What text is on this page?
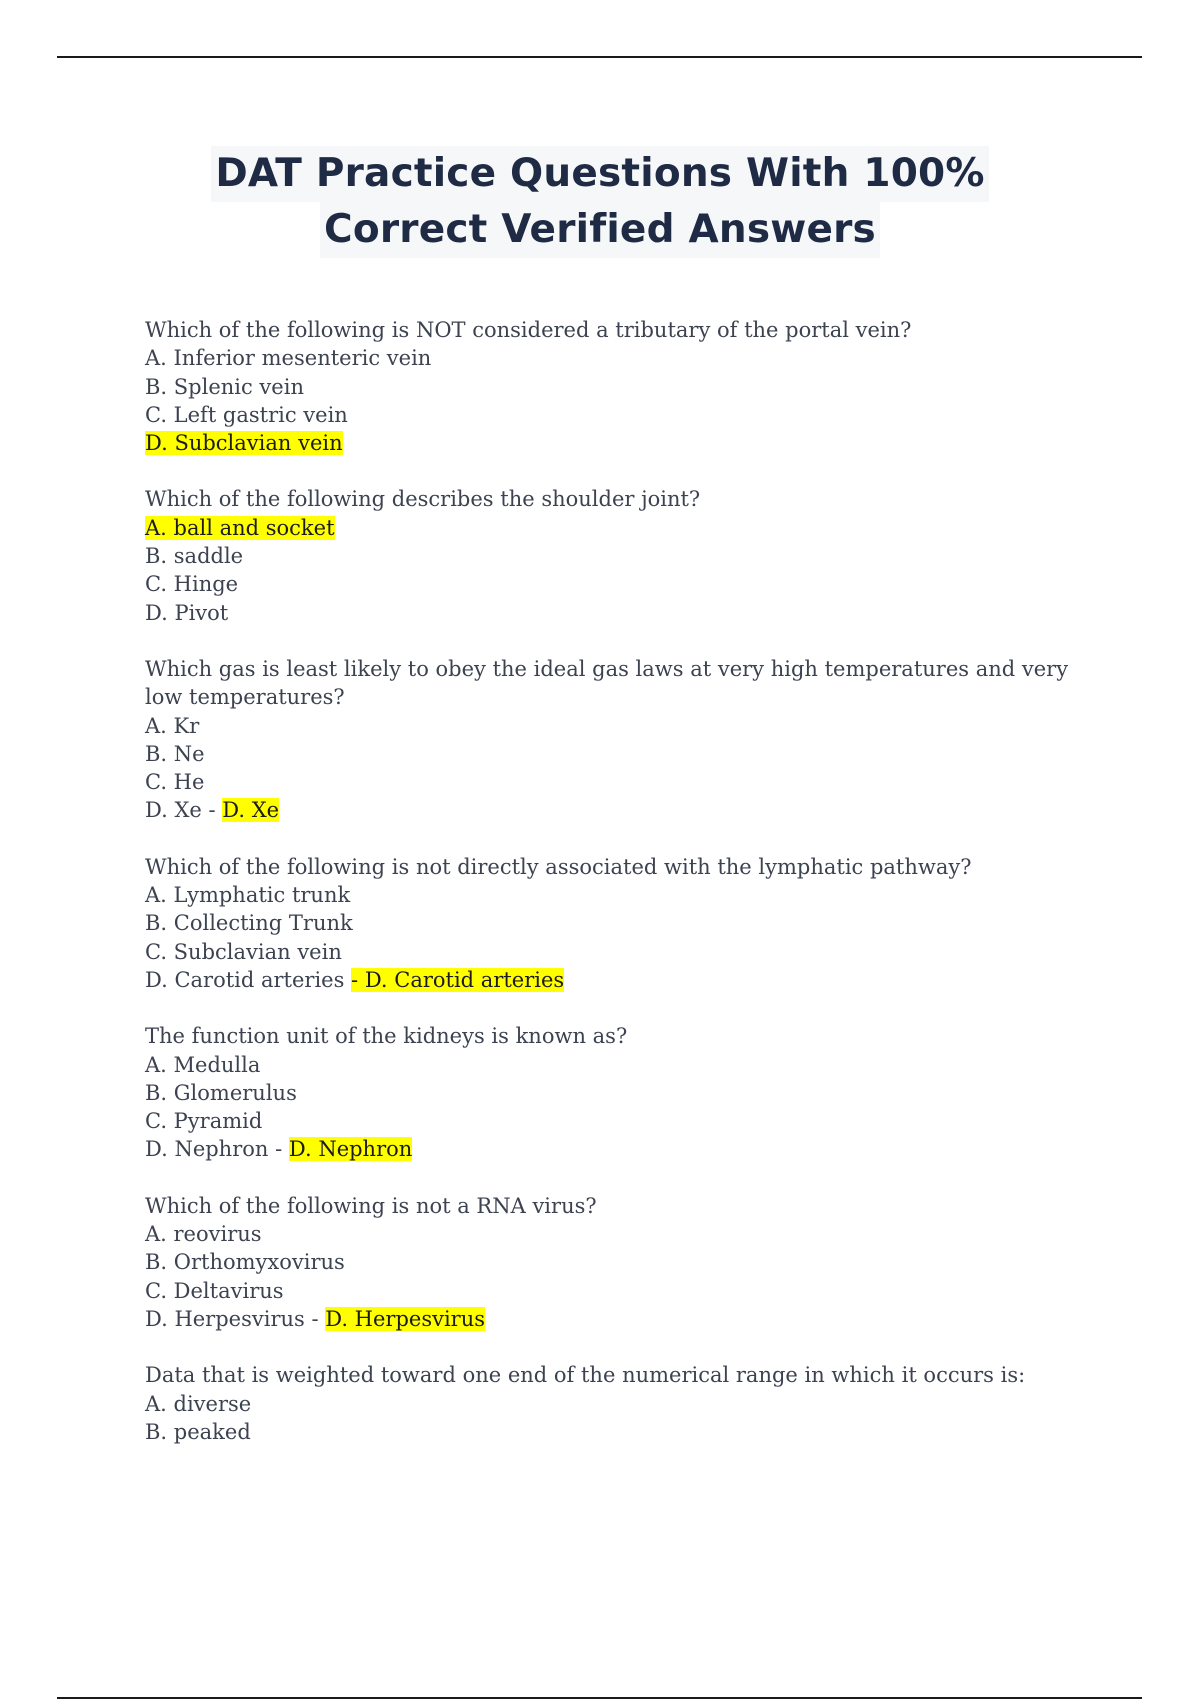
DAT Practice Questions With 100%
Correct Verified Answers
Which of the following is NOT considered a tributary of the portal vein?
A. Inferior mesenteric vein
B. Splenic vein
C. Left gastric vein
D. Subclavian vein
Which of the following describes the shoulder joint?
A. ball and socket
B. saddle
C. Hinge
D. Pivot
Which gas is least likely to obey the ideal gas laws at very high temperatures and very low temperatures?
A. Kr
B. Ne
C. He
D. Xe - D. Xe
Which of the following is not directly associated with the lymphatic pathway?
A. Lymphatic trunk
B. Collecting Trunk
C. Subclavian vein
D. Carotid arteries - D. Carotid arteries
The function unit of the kidneys is known as?
A. Medulla
B. Glomerulus
C. Pyramid
D. Nephron - D. Nephron
Which of the following is not a RNA virus?
A. reovirus
B. Orthomyxovirus
C. Deltavirus
D. Herpesvirus - D. Herpesvirus
Data that is weighted toward one end of the numerical range in which it occurs is:
A. diverse
B. peaked
